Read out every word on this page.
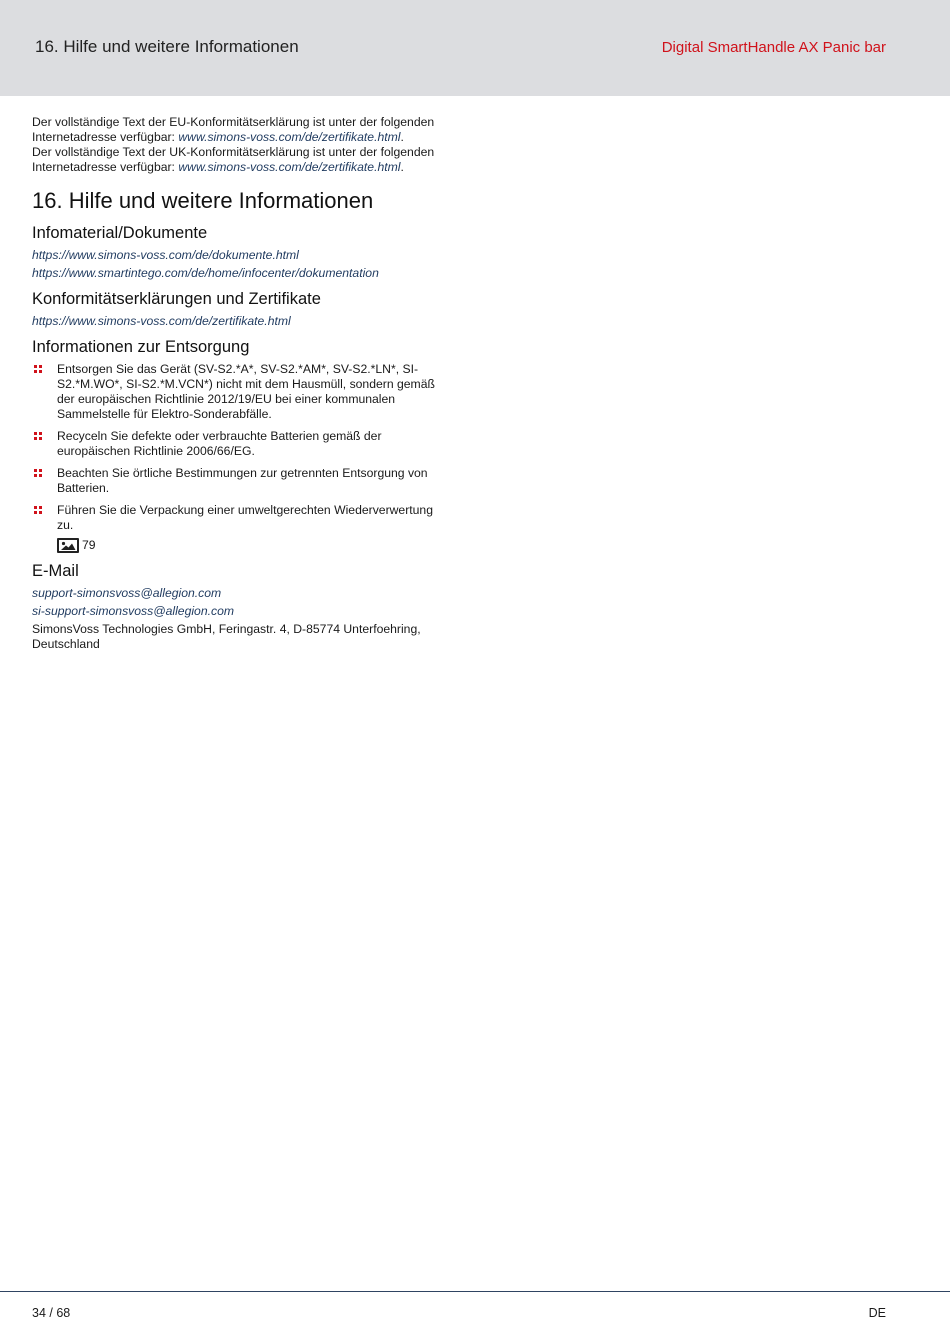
16. Hilfe und weitere Informationen	Digital SmartHandle AX Panic bar

Der vollständige Text der EU-Konformitätserklärung ist unter der folgenden Internetadresse verfügbar: www.simons-voss.com/de/zertifikate.html.

Der vollständige Text der UK-Konformitätserklärung ist unter der folgenden Internetadresse verfügbar: www.simons-voss.com/de/zertifikate.html.

16. Hilfe und weitere Informationen
Infomaterial/Dokumente
https://www.simons-voss.com/de/dokumente.html
https://www.smartintego.com/de/home/infocenter/dokumentation
Konformitätserklärungen und Zertifikate
https://www.simons-voss.com/de/zertifikate.html
Informationen zur Entsorgung
Entsorgen Sie das Gerät (SV-S2.*A*, SV-S2.*AM*, SV-S2.*LN*, SI-S2.*M.WO*, SI-S2.*M.VCN*) nicht mit dem Hausmüll, sondern gemäß der europäischen Richtlinie 2012/19/EU bei einer kommunalen Sammelstelle für Elektro-Sonderabfälle.
Recyceln Sie defekte oder verbrauchte Batterien gemäß der europäischen Richtlinie 2006/66/EG.
Beachten Sie örtliche Bestimmungen zur getrennten Entsorgung von Batterien.
Führen Sie die Verpackung einer umweltgerechten Wiederverwertung zu.
79
E-Mail
support-simonsvoss@allegion.com
si-support-simonsvoss@allegion.com

SimonsVoss Technologies GmbH, Feringastr. 4, D-85774 Unterfoehring, Deutschland

34 / 68	DE
